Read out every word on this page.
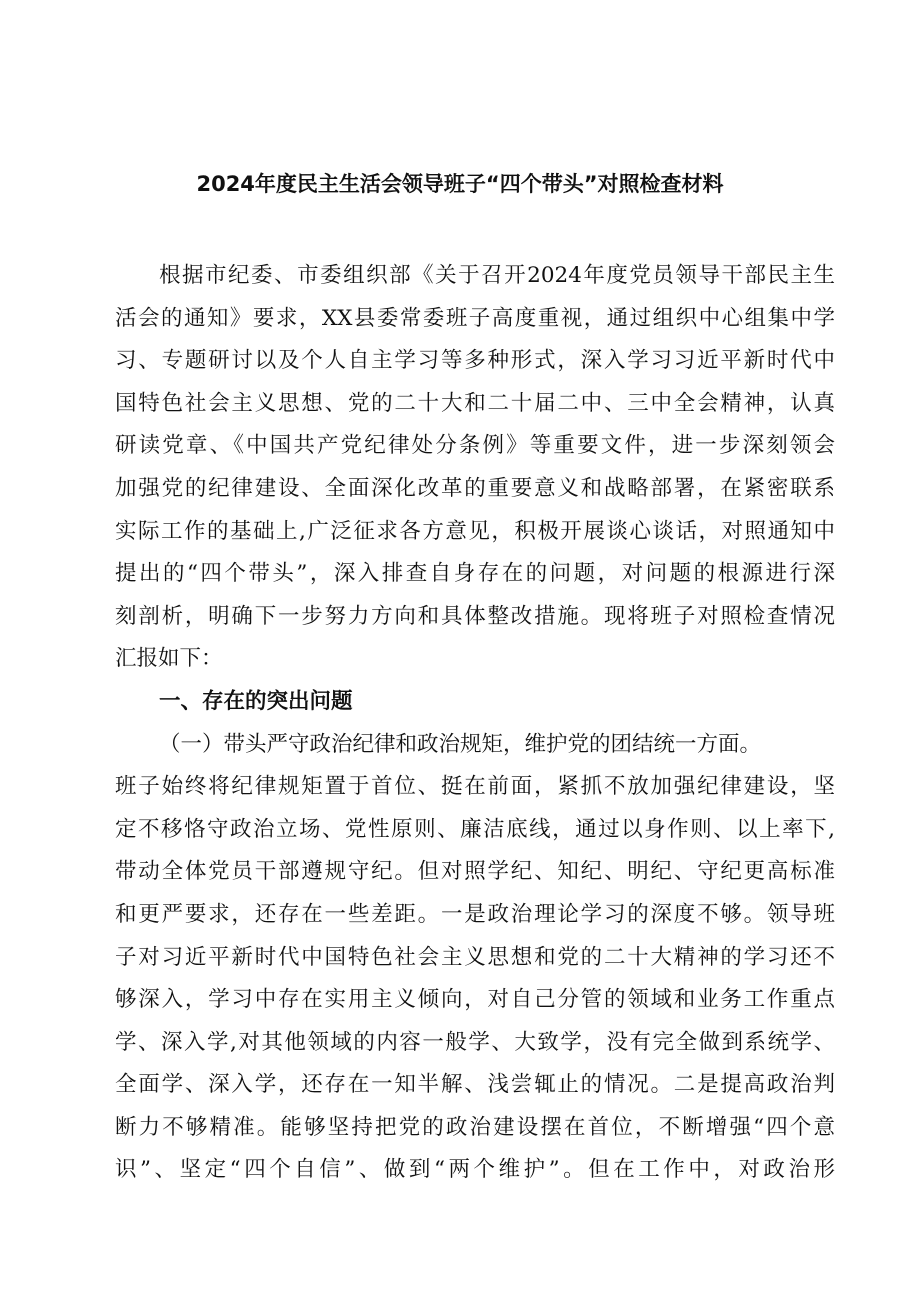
2024年度民主生活会领导班子“四个带头”对照检查材料
根据市纪委、市委组织部《关于召开2024年度党员领导干部民主生
活会的通知》要求，XX县委常委班子高度重视，通过组织中心组集中学
习、专题研讨以及个人自主学习等多种形式，深入学习习近平新时代中
国特色社会主义思想、党的二十大和二十届二中、三中全会精神，认真
研读党章、《中国共产党纪律处分条例》等重要文件，进一步深刻领会
加强党的纪律建设、全面深化改革的重要意义和战略部署，在紧密联系
实际工作的基础上,广泛征求各方意见，积极开展谈心谈话，对照通知中
提出的“四个带头”，深入排查自身存在的问题，对问题的根源进行深
刻剖析，明确下一步努力方向和具体整改措施。现将班子对照检查情况
汇报如下：
一、存在的突出问题
（一）带头严守政治纪律和政治规矩，维护党的团结统一方面。
班子始终将纪律规矩置于首位、挺在前面，紧抓不放加强纪律建设，坚
定不移恪守政治立场、党性原则、廉洁底线，通过以身作则、以上率下,
带动全体党员干部遵规守纪。但对照学纪、知纪、明纪、守纪更高标准
和更严要求，还存在一些差距。一是政治理论学习的深度不够。领导班
子对习近平新时代中国特色社会主义思想和党的二十大精神的学习还不
够深入，学习中存在实用主义倾向，对自己分管的领域和业务工作重点
学、深入学,对其他领域的内容一般学、大致学，没有完全做到系统学、
全面学、深入学，还存在一知半解、浅尝辄止的情况。二是提高政治判
断力不够精准。能够坚持把党的政治建设摆在首位，不断增强“四个意
识”、坚定“四个自信”、做到“两个维护”。但在工作中，对政治形
